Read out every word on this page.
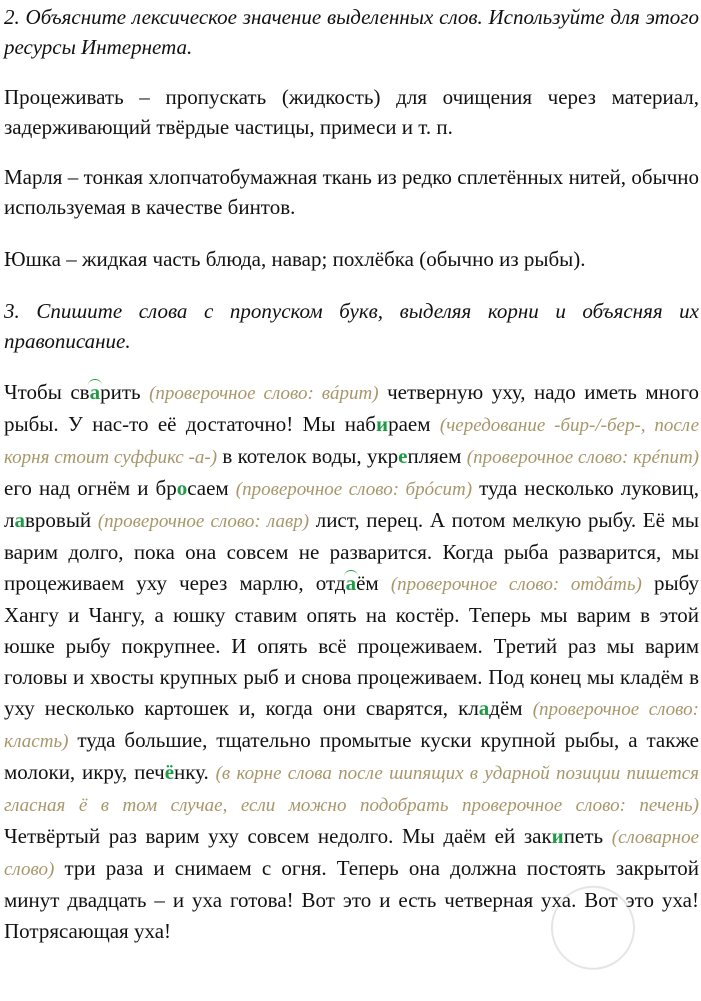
2. Объясните лексическое значение выделенных слов. Используйте для этого ресурсы Интернета.

Процеживать – пропускать (жидкость) для очищения через материал, задерживающий твёрдые частицы, примеси и т. п.

Марля – тонкая хлопчатобумажная ткань из редко сплетённых нитей, обычно используемая в качестве бинтов.

Юшка – жидкая часть блюда, навар; похлёбка (обычно из рыбы).

3. Спишите слова с пропуском букв, выделяя корни и объясняя их правописание.

Чтобы сварить (проверочное слово: вáрит) четверную уху, надо иметь много рыбы. У нас-то её достаточно! Мы набираем (чередование -бир-/-бер-, после корня стоит суффикс -а-) в котелок воды, укрепляем (проверочное слово: крéпит) его над огнём и бросаем (проверочное слово: брóсит) туда несколько луковиц, лавровый (проверочное слово: лавр) лист, перец. А потом мелкую рыбу. Её мы варим долго, пока она совсем не разварится. Когда рыба разварится, мы процеживаем уху через марлю, отдаём (проверочное слово: отдáть) рыбу Хангу и Чангу, а юшку ставим опять на костёр. Теперь мы варим в этой юшке рыбу покрупнее. И опять всё процеживаем. Третий раз мы варим головы и хвосты крупных рыб и снова процеживаем. Под конец мы кладём в уху несколько картошек и, когда они сварятся, кладём (проверочное слово: класть) туда большие, тщательно промытые куски крупной рыбы, а также молоки, икру, печёнку. (в корне слова после шипящих в ударной позиции пишется гласная ё в том случае, если можно подобрать проверочное слово: печень) Четвёртый раз варим уху совсем недолго. Мы даём ей закипеть (словарное слово) три раза и снимаем с огня. Теперь она должна постоять закрытой минут двадцать – и уха готова! Вот это и есть четверная уха. Вот это уха! Потрясающая уха!
